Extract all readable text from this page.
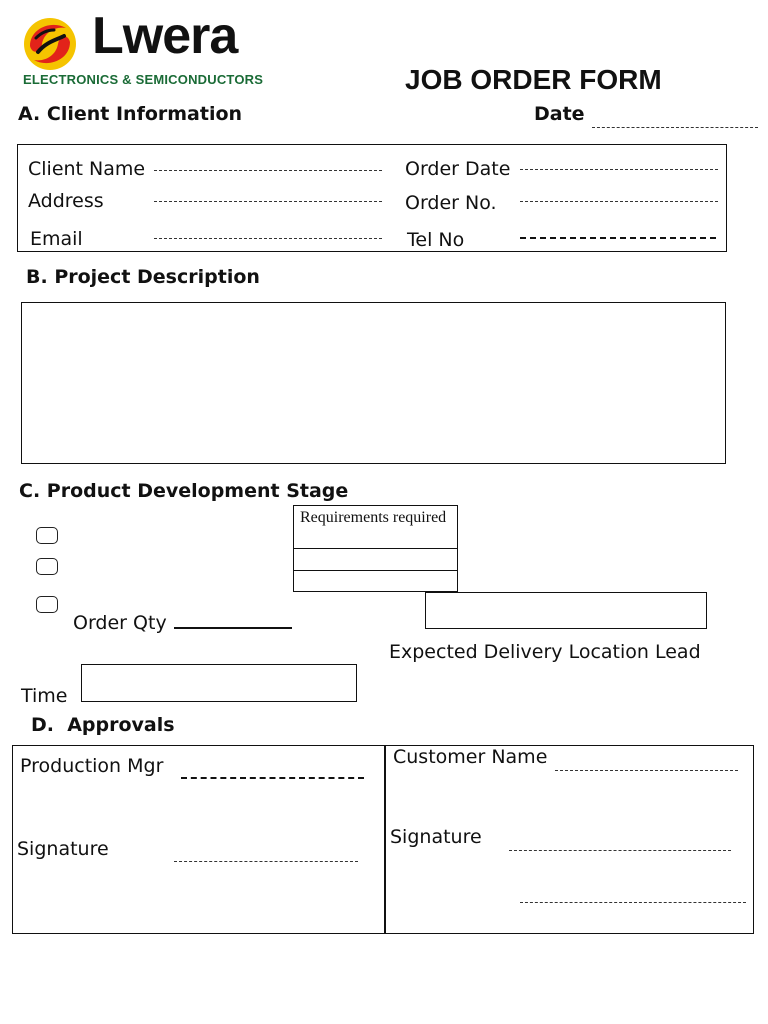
Lwera
ELECTRONICS & SEMICONDUCTORS	JOB ORDER FORM
A. Client Information	Date
Client Name
Address
Email
Order Date
Order No.
Tel No
B. Project Description
C. Product Development Stage
Requirements required
Order Qty
Expected Delivery Location Lead
Time
D.  Approvals
Production Mgr
Signature
Customer Name
Signature
